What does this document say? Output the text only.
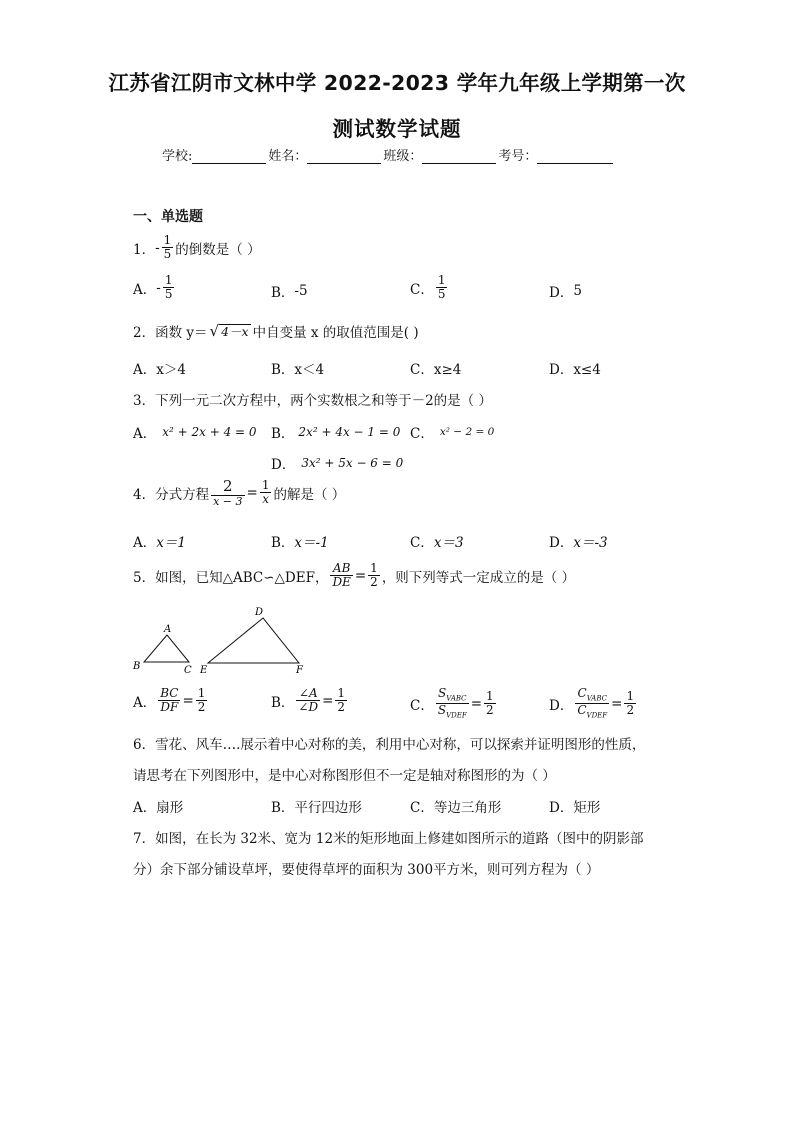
江苏省江阴市文林中学 2022-2023 学年九年级上学期第一次
测试数学试题
学校:	姓名：	班级：	考号：
一、单选题
1． - $\frac{1}{5}$ 的倒数是（ ）
A． - $\frac{1}{5}$	B． -5	C． $\frac{1}{5}$	D． 5
2．函数 y＝ √ 4－x 中自变量 x 的取值范围是( )
A．x＞4	B．x＜4	C．x≥4	D．x≤4
3．下列一元二次方程中，两个实数根之和等于－2的是（ ）
A． x² + 2x + 4 = 0 B． 2x² + 4x − 1 = 0 C． x² − 2 = 0
D． 3x² + 5x − 6 = 0
4．分式方程 $\frac{2}{x - 3} = \frac{1}{x}$ 的解是（ ）
A． x＝1	B． x＝-1	C． x＝3	D． x＝-3
5．如图，已知△ABC∽△DEF， $\frac{AB}{DE} = \frac{1}{2}$ ，则下列等式一定成立的是（ ）
A
B	C
D
E	F
A． $\frac{BC}{DF} = \frac{1}{2}$	B． $\frac{\angle A}{\angle D} = \frac{1}{2}$	C． $\frac{S_{VABC}}{S_{VDEF}} = \frac{1}{2}$	D． $\frac{C_{VABC}}{C_{VDEF}} = \frac{1}{2}$
6．雪花、风车….展示着中心对称的美，利用中心对称，可以探索并证明图形的性质，
请思考在下列图形中，是中心对称图形但不一定是轴对称图形的为（ ）
A．扇形	B．平行四边形	C．等边三角形	D．矩形
7．如图，在长为 32米、宽为 12米的矩形地面上修建如图所示的道路（图中的阴影部
分）余下部分铺设草坪，要使得草坪的面积为 300平方米，则可列方程为（ ）
